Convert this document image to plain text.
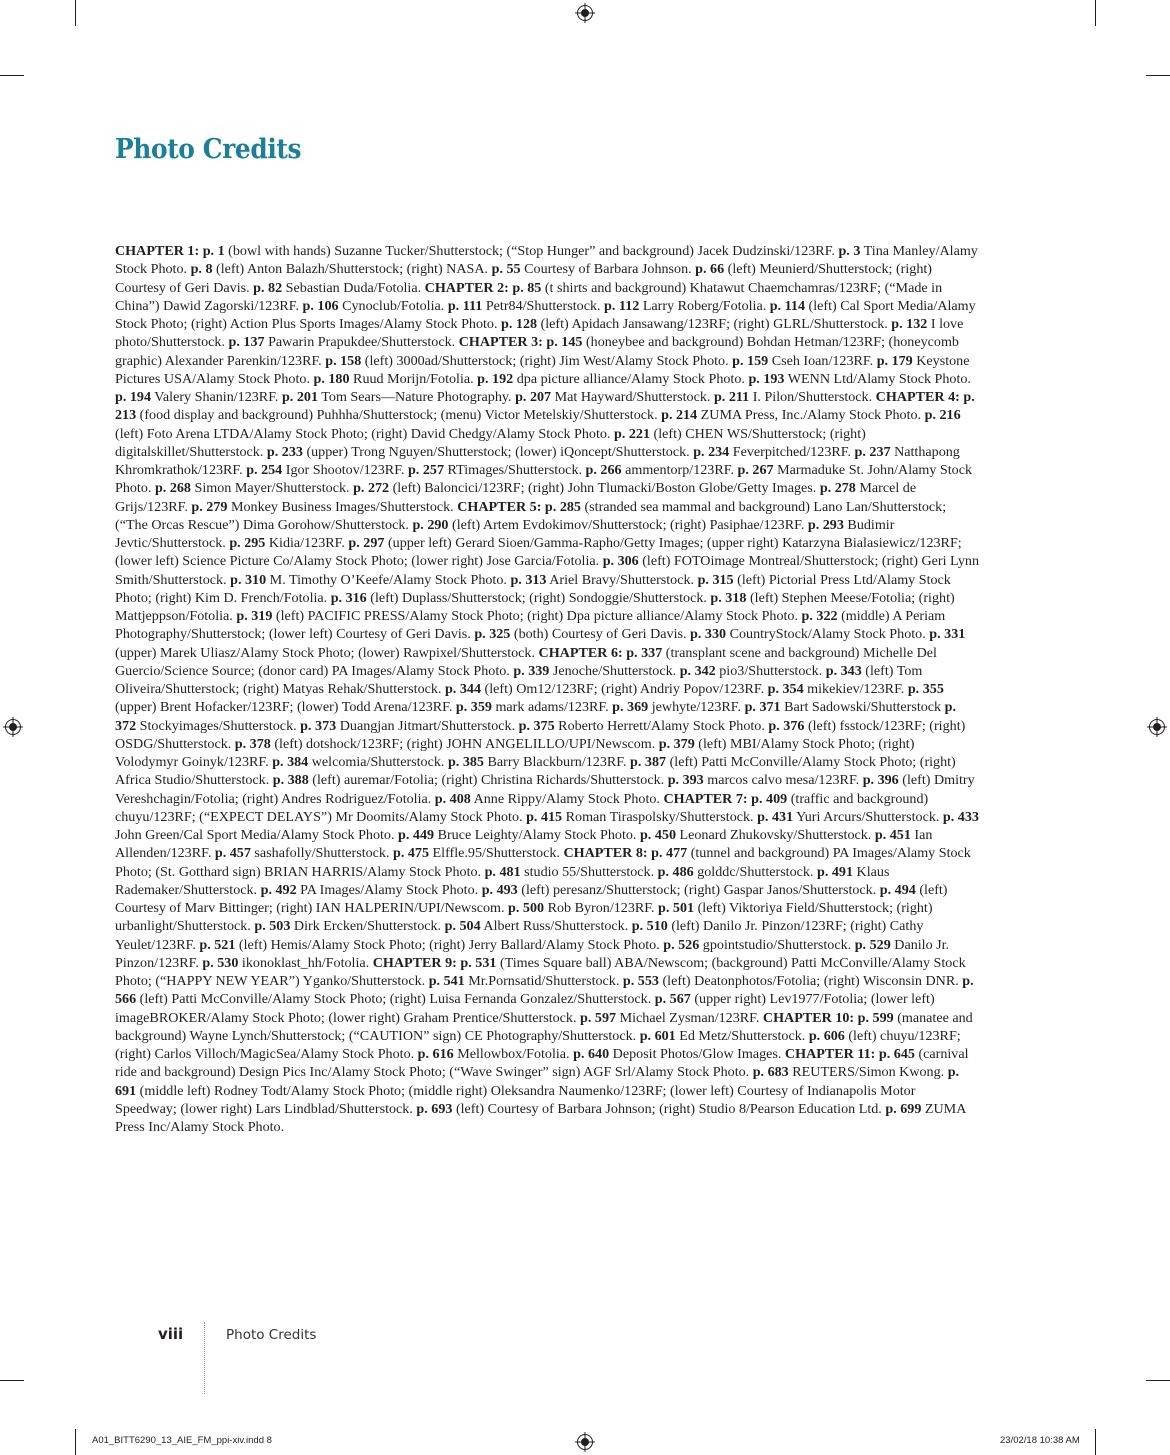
Photo Credits

CHAPTER 1: p. 1 (bowl with hands) Suzanne Tucker/Shutterstock; (“Stop Hunger” and background) Jacek Dudzinski/123RF. p. 3 Tina Manley/Alamy Stock Photo. p. 8 (left) Anton Balazh/Shutterstock; (right) NASA. p. 55 Courtesy of Barbara Johnson. p. 66 (left) Meunierd/Shutterstock; (right) Courtesy of Geri Davis. p. 82 Sebastian Duda/Fotolia. CHAPTER 2: p. 85 (t shirts and background) Khatawut Chaemchamras/123RF; (“Made in China”) Dawid Zagorski/123RF. p. 106 Cynoclub/Fotolia. p. 111 Petr84/Shutterstock. p. 112 Larry Roberg/Fotolia. p. 114 (left) Cal Sport Media/Alamy Stock Photo; (right) Action Plus Sports Images/Alamy Stock Photo. p. 128 (left) Apidach Jansawang/123RF; (right) GLRL/Shutterstock. p. 132 I love photo/Shutterstock. p. 137 Pawarin Prapukdee/Shutterstock. CHAPTER 3: p. 145 (honeybee and background) Bohdan Hetman/123RF; (honeycomb graphic) Alexander Parenkin/123RF. p. 158 (left) 3000ad/Shutterstock; (right) Jim West/Alamy Stock Photo. p. 159 Cseh Ioan/123RF. p. 179 Keystone Pictures USA/Alamy Stock Photo. p. 180 Ruud Morijn/Fotolia. p. 192 dpa picture alliance/Alamy Stock Photo. p. 193 WENN Ltd/Alamy Stock Photo. p. 194 Valery Shanin/123RF. p. 201 Tom Sears—Nature Photography. p. 207 Mat Hayward/Shutterstock. p. 211 I. Pilon/Shutterstock. CHAPTER 4: p. 213 (food display and background) Puhhha/Shutterstock; (menu) Victor Metelskiy/Shutterstock. p. 214 ZUMA Press, Inc./Alamy Stock Photo. p. 216 (left) Foto Arena LTDA/Alamy Stock Photo; (right) David Chedgy/Alamy Stock Photo. p. 221 (left) CHEN WS/Shutterstock; (right) digitalskillet/Shutterstock. p. 233 (upper) Trong Nguyen/Shutterstock; (lower) iQoncept/Shutterstock. p. 234 Feverpitched/123RF. p. 237 Natthapong Khromkrathok/123RF. p. 254 Igor Shootov/123RF. p. 257 RTimages/Shutterstock. p. 266 ammentorp/123RF. p. 267 Marmaduke St. John/Alamy Stock Photo. p. 268 Simon Mayer/Shutterstock. p. 272 (left) Baloncici/123RF; (right) John Tlumacki/Boston Globe/Getty Images. p. 278 Marcel de Grijs/123RF. p. 279 Monkey Business Images/Shutterstock. CHAPTER 5: p. 285 (stranded sea mammal and background) Lano Lan/Shutterstock; (“The Orcas Rescue”) Dima Gorohow/Shutterstock. p. 290 (left) Artem Evdokimov/Shutterstock; (right) Pasiphae/123RF. p. 293 Budimir Jevtic/Shutterstock. p. 295 Kidia/123RF. p. 297 (upper left) Gerard Sioen/Gamma-Rapho/Getty Images; (upper right) Katarzyna Bialasiewicz/123RF; (lower left) Science Picture Co/Alamy Stock Photo; (lower right) Jose Garcia/Fotolia. p. 306 (left) FOTOimage Montreal/Shutterstock; (right) Geri Lynn Smith/Shutterstock. p. 310 M. Timothy O’Keefe/Alamy Stock Photo. p. 313 Ariel Bravy/Shutterstock. p. 315 (left) Pictorial Press Ltd/Alamy Stock Photo; (right) Kim D. French/Fotolia. p. 316 (left) Duplass/Shutterstock; (right) Sondoggie/Shutterstock. p. 318 (left) Stephen Meese/Fotolia; (right) Mattjeppson/Fotolia. p. 319 (left) PACIFIC PRESS/Alamy Stock Photo; (right) Dpa picture alliance/Alamy Stock Photo. p. 322 (middle) A Periam Photography/Shutterstock; (lower left) Courtesy of Geri Davis. p. 325 (both) Courtesy of Geri Davis. p. 330 CountryStock/Alamy Stock Photo. p. 331 (upper) Marek Uliasz/Alamy Stock Photo; (lower) Rawpixel/Shutterstock. CHAPTER 6: p. 337 (transplant scene and background) Michelle Del Guercio/Science Source; (donor card) PA Images/Alamy Stock Photo. p. 339 Jenoche/Shutterstock. p. 342 pio3/Shutterstock. p. 343 (left) Tom Oliveira/Shutterstock; (right) Matyas Rehak/Shutterstock. p. 344 (left) Om12/123RF; (right) Andriy Popov/123RF. p. 354 mikekiev/123RF. p. 355 (upper) Brent Hofacker/123RF; (lower) Todd Arena/123RF. p. 359 mark adams/123RF. p. 369 jewhyte/123RF. p. 371 Bart Sadowski/Shutterstock p. 372 Stockyimages/Shutterstock. p. 373 Duangjan Jitmart/Shutterstock. p. 375 Roberto Herrett/Alamy Stock Photo. p. 376 (left) fsstock/123RF; (right) OSDG/Shutterstock. p. 378 (left) dotshock/123RF; (right) JOHN ANGELILLO/UPI/Newscom. p. 379 (left) MBI/Alamy Stock Photo; (right) Volodymyr Goinyk/123RF. p. 384 welcomia/Shutterstock. p. 385 Barry Blackburn/123RF. p. 387 (left) Patti McConville/Alamy Stock Photo; (right) Africa Studio/Shutterstock. p. 388 (left) auremar/Fotolia; (right) Christina Richards/Shutterstock. p. 393 marcos calvo mesa/123RF. p. 396 (left) Dmitry Vereshchagin/Fotolia; (right) Andres Rodriguez/Fotolia. p. 408 Anne Rippy/Alamy Stock Photo. CHAPTER 7: p. 409 (traffic and background) chuyu/123RF; (“EXPECT DELAYS”) Mr Doomits/Alamy Stock Photo. p. 415 Roman Tiraspolsky/Shutterstock. p. 431 Yuri Arcurs/Shutterstock. p. 433 John Green/Cal Sport Media/Alamy Stock Photo. p. 449 Bruce Leighty/Alamy Stock Photo. p. 450 Leonard Zhukovsky/Shutterstock. p. 451 Ian Allenden/123RF. p. 457 sashafolly/Shutterstock. p. 475 Elffle.95/Shutterstock. CHAPTER 8: p. 477 (tunnel and background) PA Images/Alamy Stock Photo; (St. Gotthard sign) BRIAN HARRIS/Alamy Stock Photo. p. 481 studio 55/Shutterstock. p. 486 golddc/Shutterstock. p. 491 Klaus Rademaker/Shutterstock. p. 492 PA Images/Alamy Stock Photo. p. 493 (left) peresanz/Shutterstock; (right) Gaspar Janos/Shutterstock. p. 494 (left) Courtesy of Marv Bittinger; (right) IAN HALPERIN/UPI/Newscom. p. 500 Rob Byron/123RF. p. 501 (left) Viktoriya Field/Shutterstock; (right) urbanlight/Shutterstock. p. 503 Dirk Ercken/Shutterstock. p. 504 Albert Russ/Shutterstock. p. 510 (left) Danilo Jr. Pinzon/123RF; (right) Cathy Yeulet/123RF. p. 521 (left) Hemis/Alamy Stock Photo; (right) Jerry Ballard/Alamy Stock Photo. p. 526 gpointstudio/Shutterstock. p. 529 Danilo Jr. Pinzon/123RF. p. 530 ikonoklast_hh/Fotolia. CHAPTER 9: p. 531 (Times Square ball) ABA/Newscom; (background) Patti McConville/Alamy Stock Photo; (“HAPPY NEW YEAR”) Yganko/Shutterstock. p. 541 Mr.Pornsatid/Shutterstock. p. 553 (left) Deatonphotos/Fotolia; (right) Wisconsin DNR. p. 566 (left) Patti McConville/Alamy Stock Photo; (right) Luisa Fernanda Gonzalez/Shutterstock. p. 567 (upper right) Lev1977/Fotolia; (lower left) imageBROKER/Alamy Stock Photo; (lower right) Graham Prentice/Shutterstock. p. 597 Michael Zysman/123RF. CHAPTER 10: p. 599 (manatee and background) Wayne Lynch/Shutterstock; (“CAUTION” sign) CE Photography/Shutterstock. p. 601 Ed Metz/Shutterstock. p. 606 (left) chuyu/123RF; (right) Carlos Villoch/MagicSea/Alamy Stock Photo. p. 616 Mellowbox/Fotolia. p. 640 Deposit Photos/Glow Images. CHAPTER 11: p. 645 (carnival ride and background) Design Pics Inc/Alamy Stock Photo; (“Wave Swinger” sign) AGF Srl/Alamy Stock Photo. p. 683 REUTERS/Simon Kwong. p. 691 (middle left) Rodney Todt/Alamy Stock Photo; (middle right) Oleksandra Naumenko/123RF; (lower left) Courtesy of Indianapolis Motor Speedway; (lower right) Lars Lindblad/Shutterstock. p. 693 (left) Courtesy of Barbara Johnson; (right) Studio 8/Pearson Education Ltd. p. 699 ZUMA Press Inc/Alamy Stock Photo.

viii	Photo Credits
A01_BITT6290_13_AIE_FM_ppi-xiv.indd 8	23/02/18 10:38 AM
